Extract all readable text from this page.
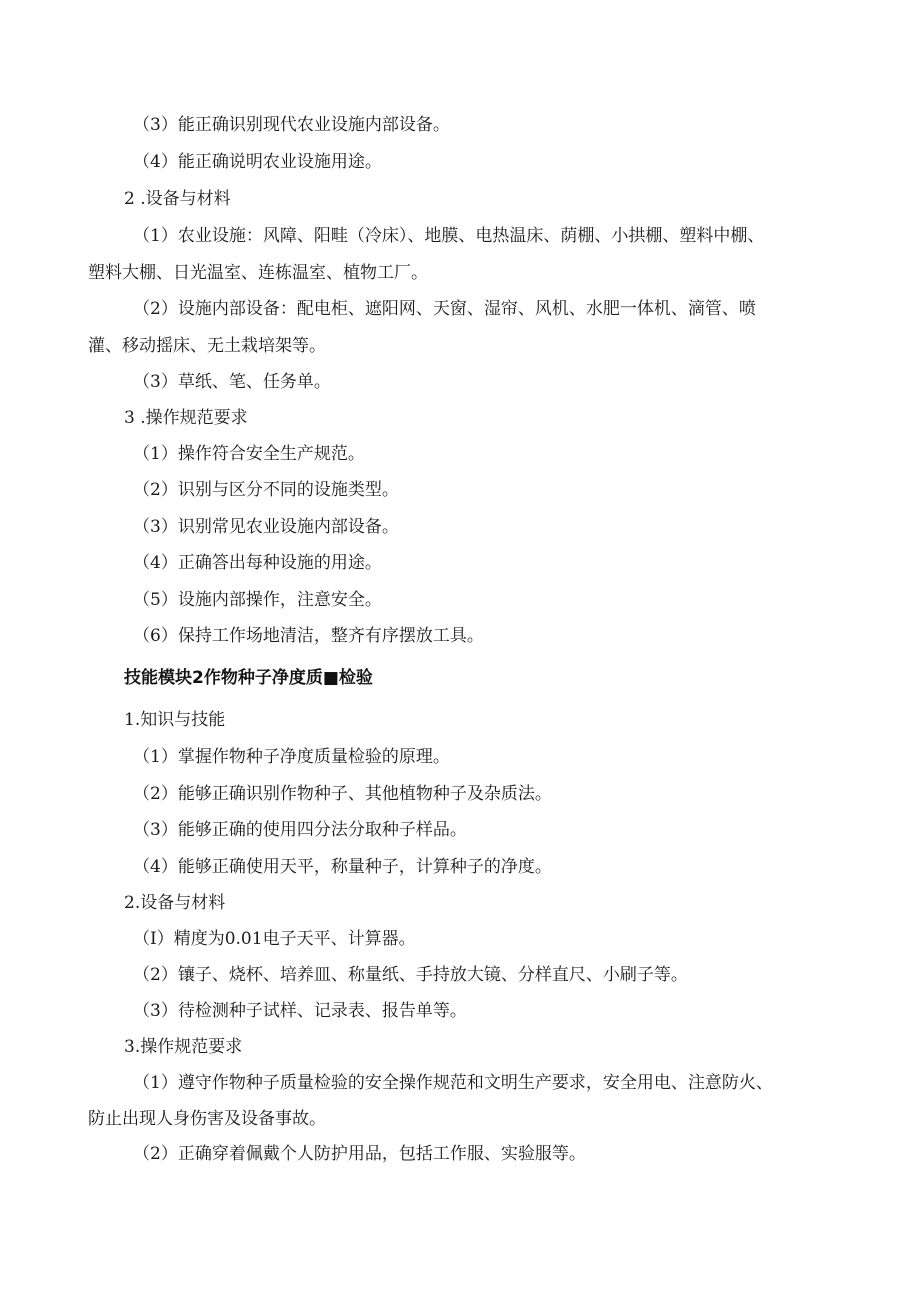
（3）能正确识别现代农业设施内部设备。
（4）能正确说明农业设施用途。
2 .设备与材料
（1）农业设施：风障、阳畦（冷床）、地膜、电热温床、荫棚、小拱棚、塑料中棚、
塑料大棚、日光温室、连栋温室、植物工厂。
（2）设施内部设备：配电柜、遮阳网、天窗、湿帘、风机、水肥一体机、滴管、喷
灌、移动摇床、无土栽培架等。
（3）草纸、笔、任务单。
3 .操作规范要求
（1）操作符合安全生产规范。
（2）识别与区分不同的设施类型。
（3）识别常见农业设施内部设备。
（4）正确答出每种设施的用途。
（5）设施内部操作，注意安全。
（6）保持工作场地清洁，整齐有序摆放工具。
技能模块2作物种子净度质■检验
1.知识与技能
（1）掌握作物种子净度质量检验的原理。
（2）能够正确识别作物种子、其他植物种子及杂质法。
（3）能够正确的使用四分法分取种子样品。
（4）能够正确使用天平，称量种子，计算种子的净度。
2.设备与材料
（I）精度为0.01电子天平、计算器。
（2）镶子、烧杯、培养皿、称量纸、手持放大镜、分样直尺、小刷子等。
（3）待检测种子试样、记录表、报告单等。
3.操作规范要求
（1）遵守作物种子质量检验的安全操作规范和文明生产要求，安全用电、注意防火、
防止出现人身伤害及设备事故。
（2）正确穿着佩戴个人防护用品，包括工作服、实验服等。
